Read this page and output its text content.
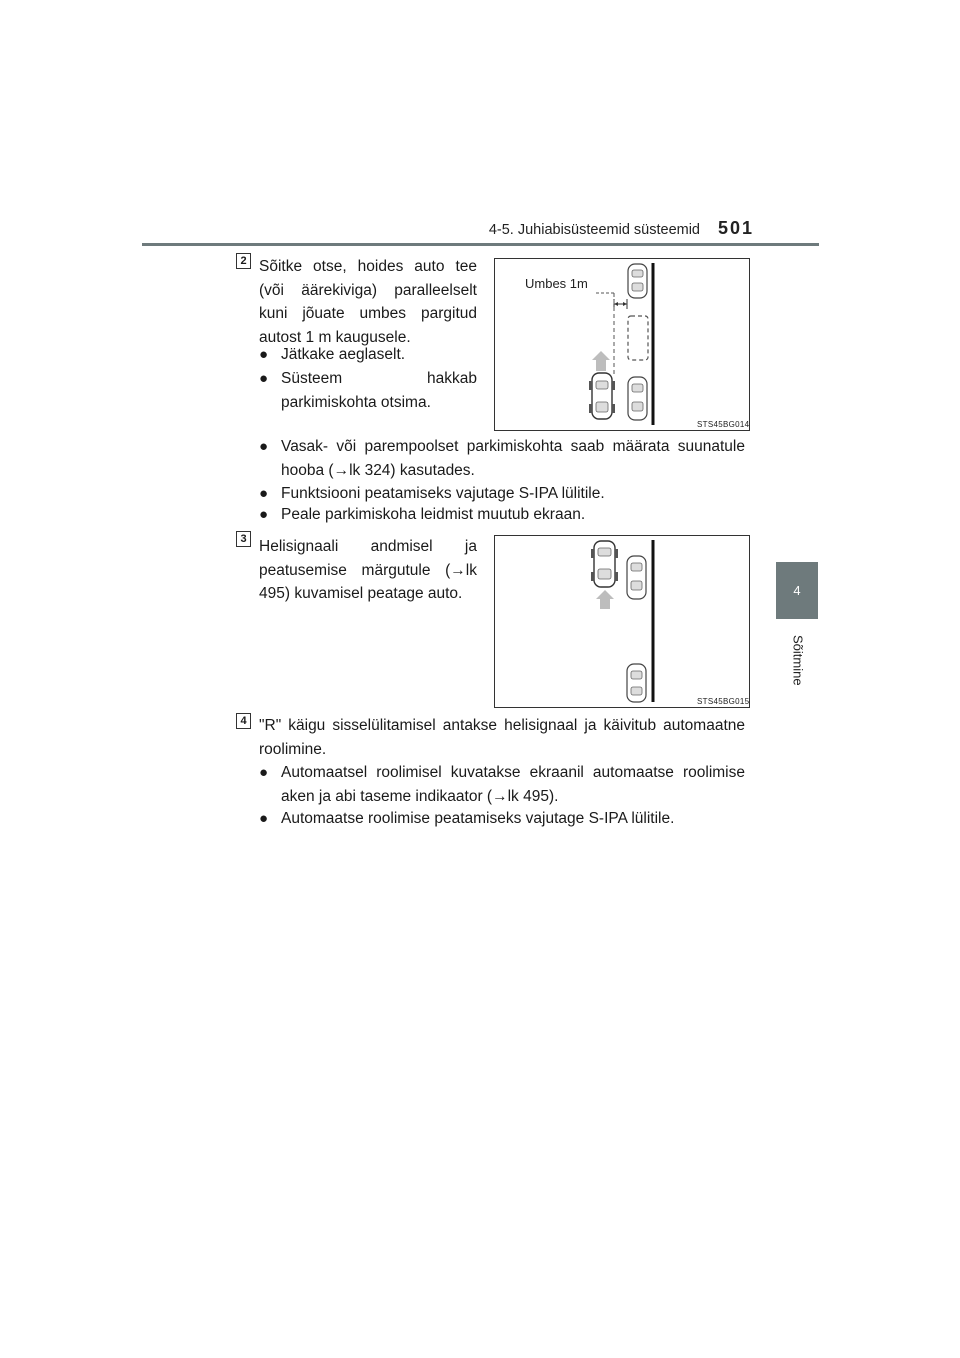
4-5. Juhiabisüsteemid süsteemid 501
4
Sõitmine
2 Sõitke otse, hoides auto tee (või äärekiviga) paralleelselt kuni jõuate umbes pargitud autost 1 m kaugusele.
● Jätkake aeglaselt.
● Süsteem hakkab parkimiskohta otsima.
Umbes 1m
STS45BG014
● Vasak- või parempoolset parkimiskohta saab määrata suunatule hooba (→lk 324) kasutades.
● Funktsiooni peatamiseks vajutage S-IPA lülitile.
● Peale parkimiskoha leidmist muutub ekraan.
3 Helisignaali andmisel ja peatusemise märgutule (→lk 495) kuvamisel peatage auto.
STS45BG015
4 "R" käigu sisselülitamisel antakse helisignaal ja käivitub automaatne roolimine.
● Automaatsel roolimisel kuvatakse ekraanil automaatse roolimise aken ja abi taseme indikaator (→lk 495).
● Automaatse roolimise peatamiseks vajutage S-IPA lülitile.
